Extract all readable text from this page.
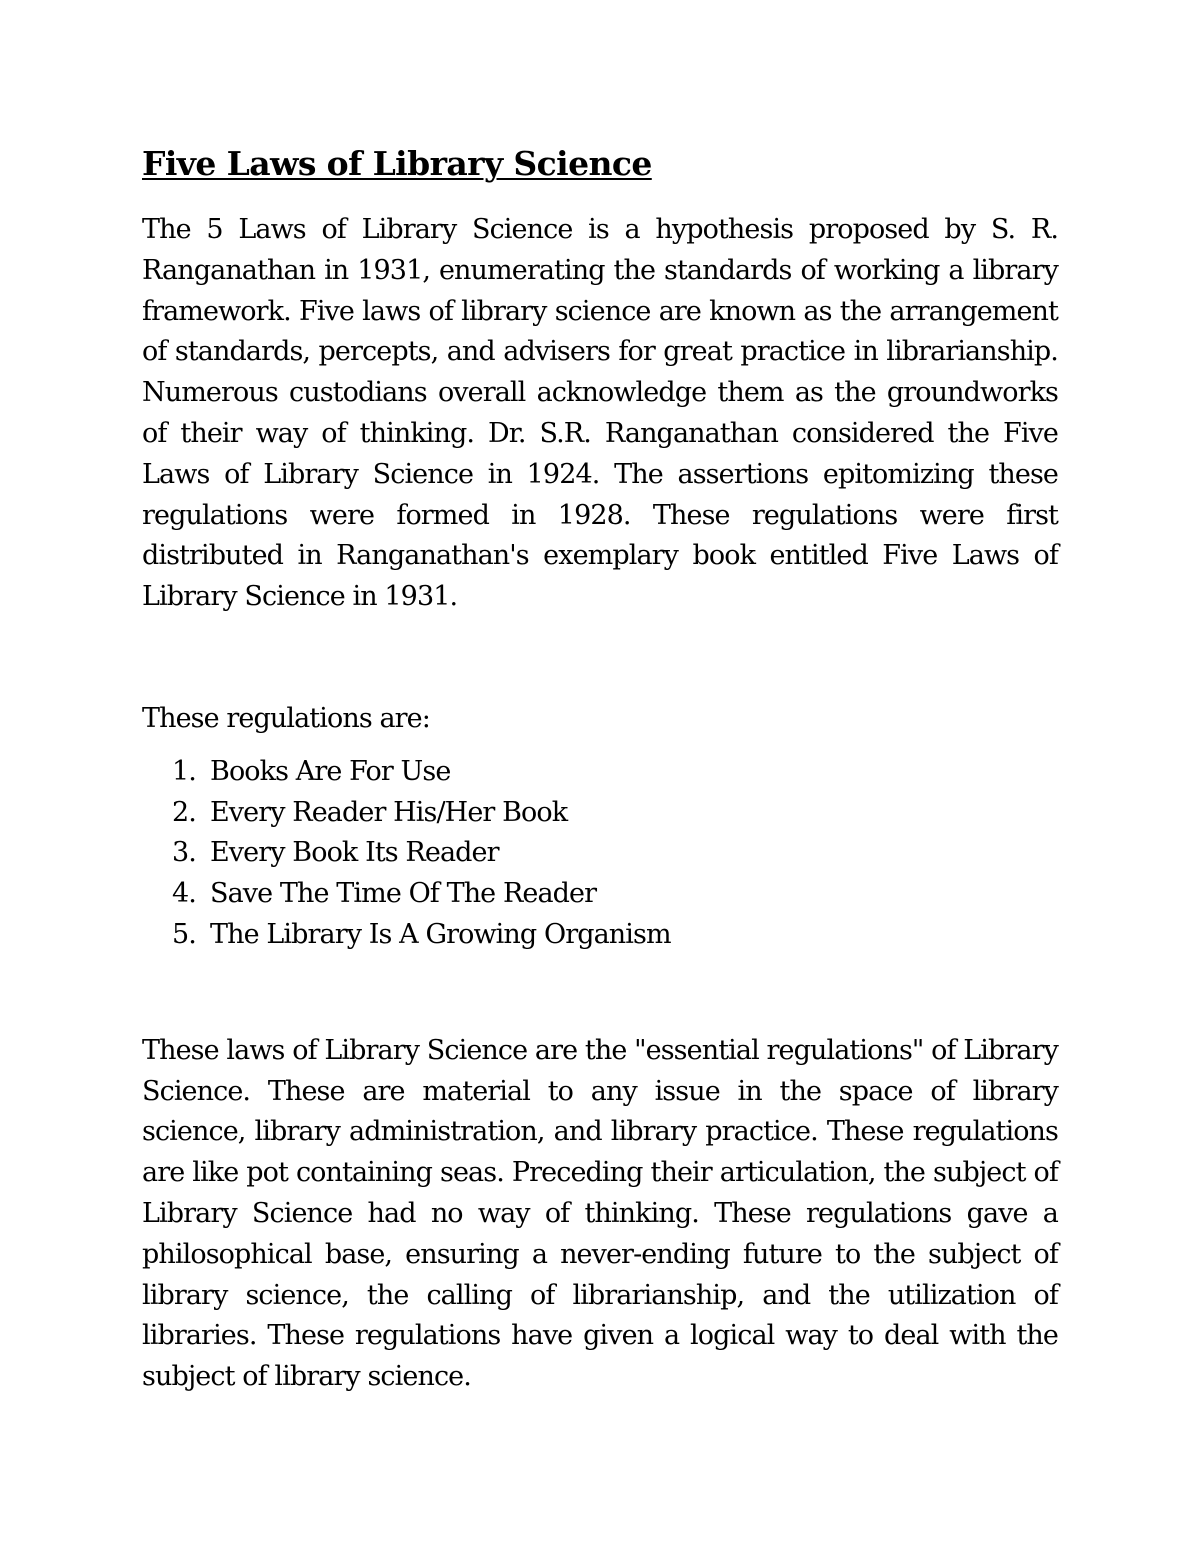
Five Laws of Library Science

The 5 Laws of Library Science is a hypothesis proposed by S. R. Ranganathan in 1931, enumerating the standards of working a library framework. Five laws of library science are known as the arrangement of standards, percepts, and advisers for great practice in librarianship. Numerous custodians overall acknowledge them as the groundworks of their way of thinking. Dr. S.R. Ranganathan considered the Five Laws of Library Science in 1924. The assertions epitomizing these regulations were formed in 1928. These regulations were first distributed in Ranganathan's exemplary book entitled Five Laws of Library Science in 1931.

These regulations are:

1. Books Are For Use
2. Every Reader His/Her Book
3. Every Book Its Reader
4. Save The Time Of The Reader
5. The Library Is A Growing Organism

These laws of Library Science are the "essential regulations" of Library Science. These are material to any issue in the space of library science, library administration, and library practice. These regulations are like pot containing seas. Preceding their articulation, the subject of Library Science had no way of thinking. These regulations gave a philosophical base, ensuring a never-ending future to the subject of library science, the calling of librarianship, and the utilization of libraries. These regulations have given a logical way to deal with the subject of library science.
